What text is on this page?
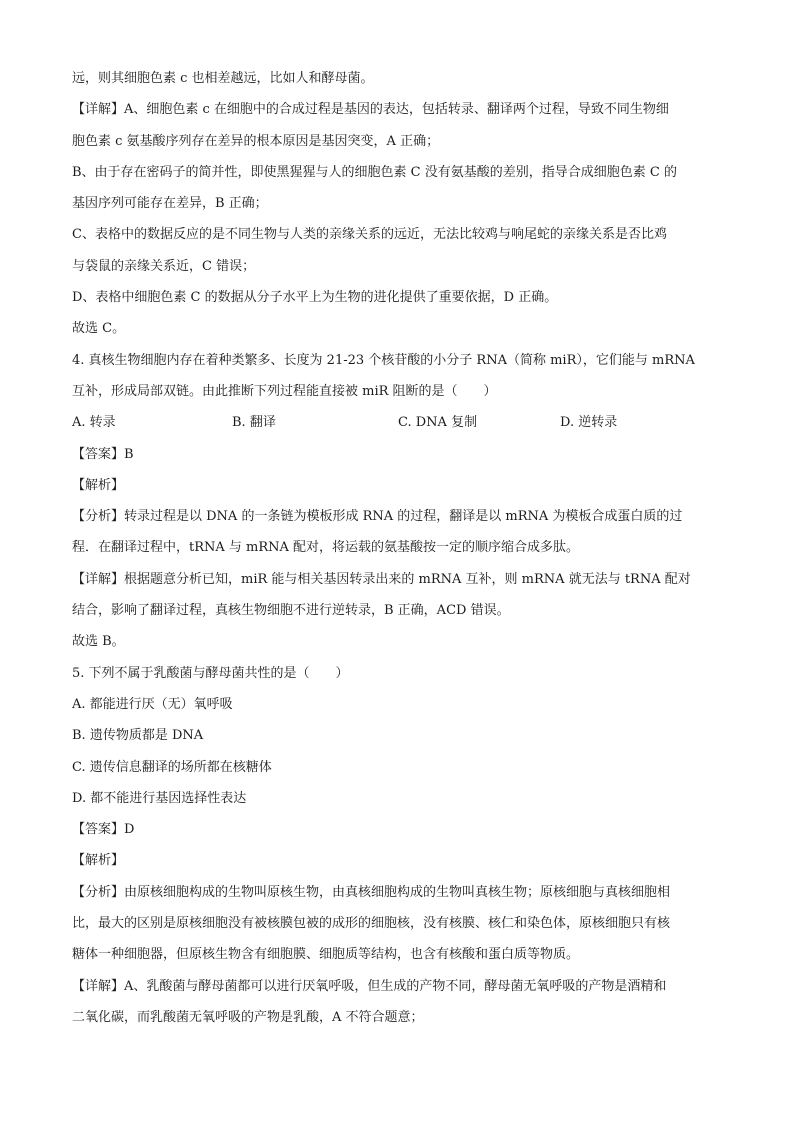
远，则其细胞色素 c 也相差越远，比如人和酵母菌。
【详解】A、细胞色素 c 在细胞中的合成过程是基因的表达，包括转录、翻译两个过程，导致不同生物细
胞色素 c 氨基酸序列存在差异的根本原因是基因突变，A 正确；
B、由于存在密码子的简并性，即使黑猩猩与人的细胞色素 C 没有氨基酸的差别，指导合成细胞色素 C 的
基因序列可能存在差异，B 正确；
C、表格中的数据反应的是不同生物与人类的亲缘关系的远近，无法比较鸡与响尾蛇的亲缘关系是否比鸡
与袋鼠的亲缘关系近，C 错误；
D、表格中细胞色素 C 的数据从分子水平上为生物的进化提供了重要依据，D 正确。
故选 C。
4. 真核生物细胞内存在着种类繁多、长度为 21-23 个核苷酸的小分子 RNA（简称 miR），它们能与 mRNA
互补，形成局部双链。由此推断下列过程能直接被 miR 阻断的是（　　）
A. 转录	B. 翻译	C. DNA 复制	D. 逆转录
【答案】B
【解析】
【分析】转录过程是以 DNA 的一条链为模板形成 RNA 的过程，翻译是以 mRNA 为模板合成蛋白质的过
程．在翻译过程中，tRNA 与 mRNA 配对，将运载的氨基酸按一定的顺序缩合成多肽。
【详解】根据题意分析已知，miR 能与相关基因转录出来的 mRNA 互补，则 mRNA 就无法与 tRNA 配对
结合，影响了翻译过程，真核生物细胞不进行逆转录，B 正确，ACD 错误。
故选 B。
5. 下列不属于乳酸菌与酵母菌共性的是（　　）
A. 都能进行厌（无）氧呼吸
B. 遗传物质都是 DNA
C. 遗传信息翻译的场所都在核糖体
D. 都不能进行基因选择性表达
【答案】D
【解析】
【分析】由原核细胞构成的生物叫原核生物，由真核细胞构成的生物叫真核生物；原核细胞与真核细胞相
比，最大的区别是原核细胞没有被核膜包被的成形的细胞核，没有核膜、核仁和染色体，原核细胞只有核
糖体一种细胞器，但原核生物含有细胞膜、细胞质等结构，也含有核酸和蛋白质等物质。
【详解】A、乳酸菌与酵母菌都可以进行厌氧呼吸，但生成的产物不同，酵母菌无氧呼吸的产物是酒精和
二氧化碳，而乳酸菌无氧呼吸的产物是乳酸，A 不符合题意；
